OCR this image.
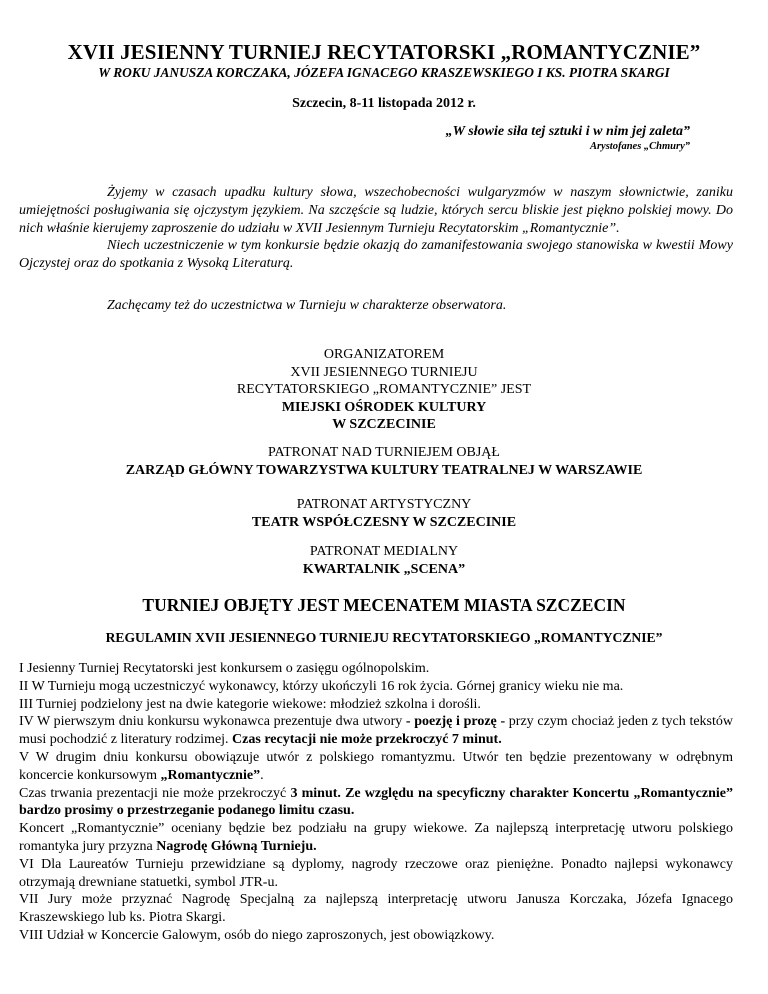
XVII JESIENNY TURNIEJ RECYTATORSKI „ROMANTYCZNIE”
W ROKU JANUSZA KORCZAKA, JÓZEFA IGNACEGO KRASZEWSKIEGO I KS. PIOTRA SKARGI
Szczecin, 8-11 listopada 2012 r.
„W słowie siła tej sztuki i w nim jej zaleta”
Arystofanes „Chmury”

Żyjemy w czasach upadku kultury słowa, wszechobecności wulgaryzmów w naszym słownictwie, zaniku umiejętności posługiwania się ojczystym językiem. Na szczęście są ludzie, których sercu bliskie jest piękno polskiej mowy. Do nich właśnie kierujemy zaproszenie do udziału w XVII Jesiennym Turnieju Recytatorskim „Romantycznie”.

Niech uczestniczenie w tym konkursie będzie okazją do zamanifestowania swojego stanowiska w kwestii Mowy Ojczystej oraz do spotkania z Wysoką Literaturą.

Zachęcamy też do uczestnictwa w Turnieju w charakterze obserwatora.
ORGANIZATOREM
XVII JESIENNEGO TURNIEJU
RECYTATORSKIEGO „ROMANTYCZNIE” JEST
MIEJSKI OŚRODEK KULTURY
W SZCZECINIE
PATRONAT NAD TURNIEJEM OBJĄŁ
ZARZĄD GŁÓWNY TOWARZYSTWA KULTURY TEATRALNEJ W WARSZAWIE
PATRONAT ARTYSTYCZNY
TEATR WSPÓŁCZESNY W SZCZECINIE
PATRONAT MEDIALNY
KWARTALNIK „SCENA”
TURNIEJ OBJĘTY JEST MECENATEM MIASTA SZCZECIN
REGULAMIN XVII JESIENNEGO TURNIEJU RECYTATORSKIEGO „ROMANTYCZNIE”

I Jesienny Turniej Recytatorski jest konkursem o zasięgu ogólnopolskim.

II W Turnieju mogą uczestniczyć wykonawcy, którzy ukończyli 16 rok życia. Górnej granicy wieku nie ma.

III Turniej podzielony jest na dwie kategorie wiekowe: młodzież szkolna i dorośli.

IV W pierwszym dniu konkursu wykonawca prezentuje dwa utwory - poezję i prozę - przy czym chociaż jeden z tych tekstów musi pochodzić z literatury rodzimej. Czas recytacji nie może przekroczyć 7 minut.

V W drugim dniu konkursu obowiązuje utwór z polskiego romantyzmu. Utwór ten będzie prezentowany w odrębnym koncercie konkursowym „Romantycznie”.

Czas trwania prezentacji nie może przekroczyć 3 minut. Ze względu na specyficzny charakter Koncertu „Romantycznie” bardzo prosimy o przestrzeganie podanego limitu czasu.

Koncert „Romantycznie” oceniany będzie bez podziału na grupy wiekowe. Za najlepszą interpretację utworu polskiego romantyka jury przyzna Nagrodę Główną Turnieju.

VI Dla Laureatów Turnieju przewidziane są dyplomy, nagrody rzeczowe oraz pieniężne. Ponadto najlepsi wykonawcy otrzymają drewniane statuetki, symbol JTR-u.

VII Jury może przyznać Nagrodę Specjalną za najlepszą interpretację utworu Janusza Korczaka, Józefa Ignacego Kraszewskiego lub ks. Piotra Skargi.

VIII Udział w Koncercie Galowym, osób do niego zaproszonych, jest obowiązkowy.
